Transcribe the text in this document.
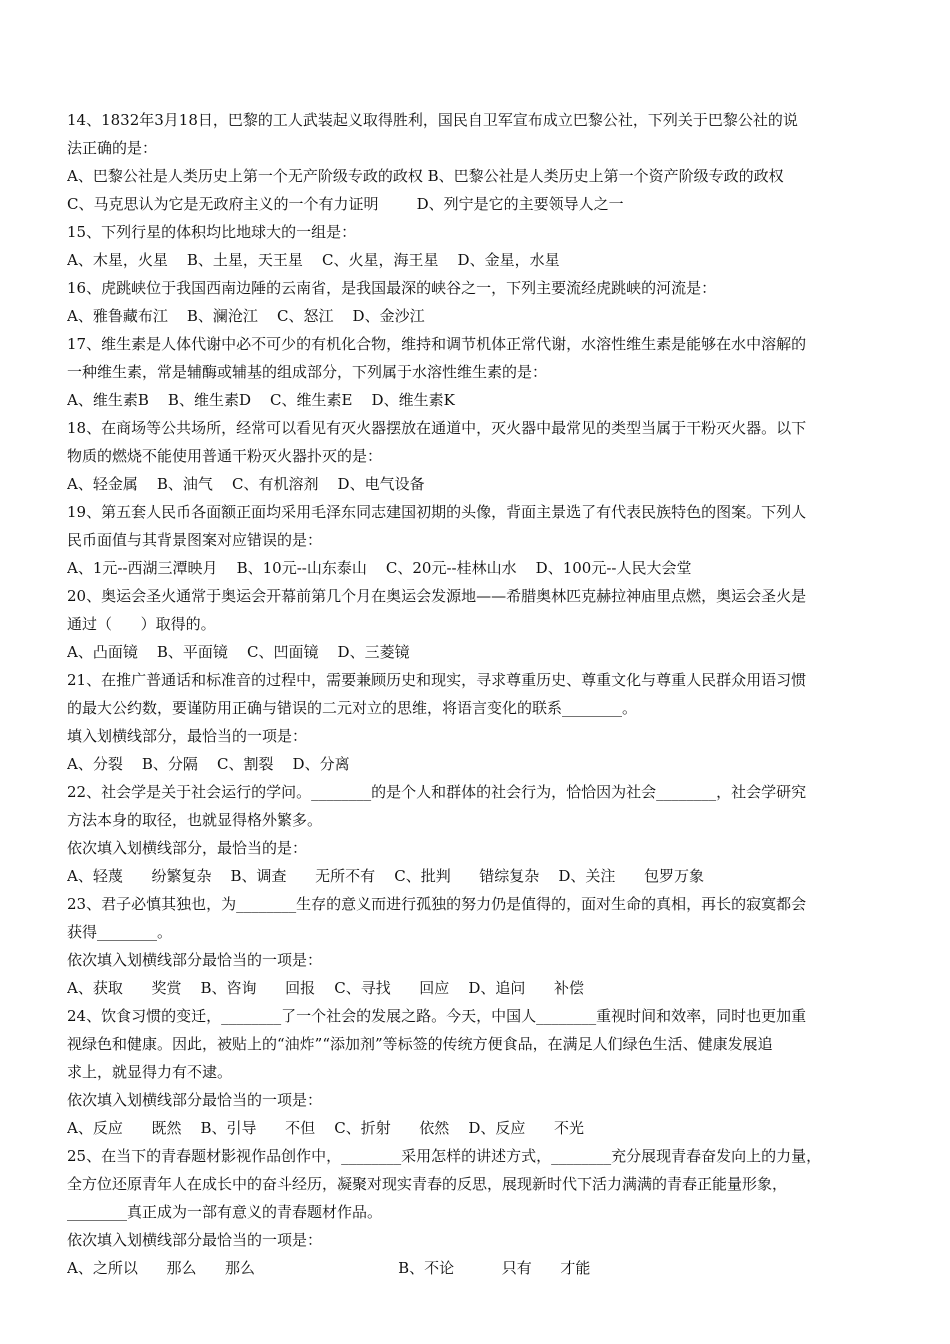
14、1832年3月18日，巴黎的工人武装起义取得胜利，国民自卫军宣布成立巴黎公社，下列关于巴黎公社的说
法正确的是：
A、巴黎公社是人类历史上第一个无产阶级专政的政权 B、巴黎公社是人类历史上第一个资产阶级专政的政权
C、马克思认为它是无政府主义的一个有力证明        D、列宁是它的主要领导人之一
15、下列行星的体积均比地球大的一组是：
A、木星，火星    B、土星，天王星    C、火星，海王星    D、金星，水星
16、虎跳峡位于我国西南边陲的云南省，是我国最深的峡谷之一，下列主要流经虎跳峡的河流是：
A、雅鲁藏布江    B、澜沧江    C、怒江    D、金沙江
17、维生素是人体代谢中必不可少的有机化合物，维持和调节机体正常代谢，水溶性维生素是能够在水中溶解的
一种维生素，常是辅酶或辅基的组成部分，下列属于水溶性维生素的是：
A、维生素B    B、维生素D    C、维生素E    D、维生素K
18、在商场等公共场所，经常可以看见有灭火器摆放在通道中，灭火器中最常见的类型当属于干粉灭火器。以下
物质的燃烧不能使用普通干粉灭火器扑灭的是：
A、轻金属    B、油气    C、有机溶剂    D、电气设备
19、第五套人民币各面额正面均采用毛泽东同志建国初期的头像，背面主景选了有代表民族特色的图案。下列人
民币面值与其背景图案对应错误的是：
A、1元--西湖三潭映月    B、10元--山东泰山    C、20元--桂林山水    D、100元--人民大会堂
20、奥运会圣火通常于奥运会开幕前第几个月在奥运会发源地——希腊奥林匹克赫拉神庙里点燃，奥运会圣火是
通过（      ）取得的。
A、凸面镜    B、平面镜    C、凹面镜    D、三菱镜
21、在推广普通话和标准音的过程中，需要兼顾历史和现实，寻求尊重历史、尊重文化与尊重人民群众用语习惯
的最大公约数，要谨防用正确与错误的二元对立的思维，将语言变化的联系________。
填入划横线部分，最恰当的一项是：
A、分裂    B、分隔    C、割裂    D、分离
22、社会学是关于社会运行的学问。________的是个人和群体的社会行为，恰恰因为社会________，社会学研究
方法本身的取径，也就显得格外繁多。
依次填入划横线部分，最恰当的是：
A、轻蔑      纷繁复杂    B、调查      无所不有    C、批判      错综复杂    D、关注      包罗万象
23、君子必慎其独也，为________生存的意义而进行孤独的努力仍是值得的，面对生命的真相，再长的寂寞都会
获得________。
依次填入划横线部分最恰当的一项是：
A、获取      奖赏    B、咨询      回报    C、寻找      回应    D、追问      补偿
24、饮食习惯的变迁，________了一个社会的发展之路。今天，中国人________重视时间和效率，同时也更加重
视绿色和健康。因此，被贴上的“油炸”“添加剂”等标签的传统方便食品，在满足人们绿色生活、健康发展追
求上，就显得力有不逮。
依次填入划横线部分最恰当的一项是：
A、反应      既然    B、引导      不但    C、折射      依然    D、反应      不光
25、在当下的青春题材影视作品创作中，________采用怎样的讲述方式，________充分展现青春奋发向上的力量，
全方位还原青年人在成长中的奋斗经历，凝聚对现实青春的反思，展现新时代下活力满满的青春正能量形象，
________真正成为一部有意义的青春题材作品。
依次填入划横线部分最恰当的一项是：
A、之所以      那么      那么                              B、不论          只有      才能
